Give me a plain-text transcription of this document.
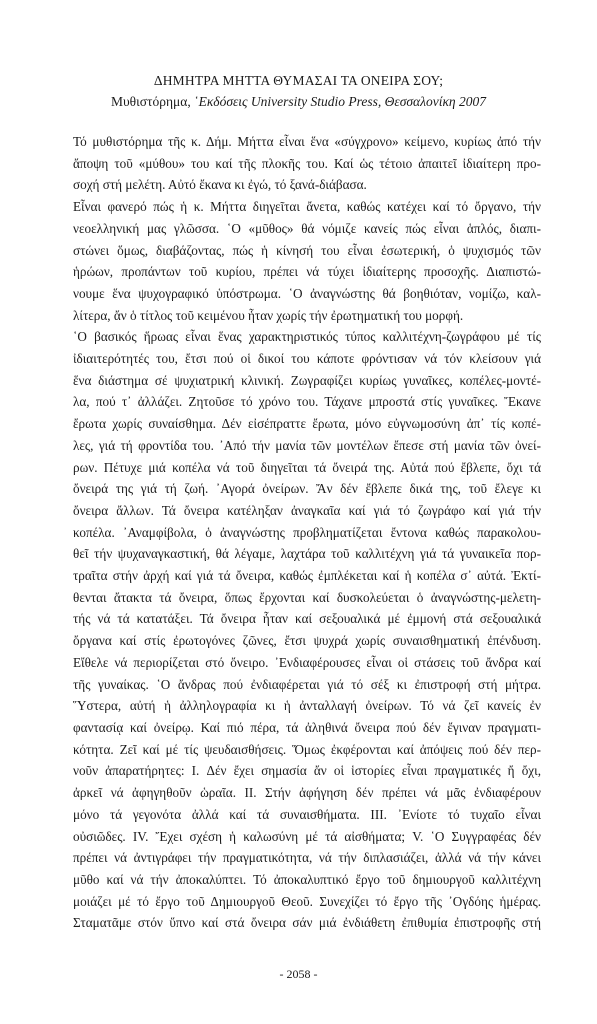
ΔΗΜΗΤΡΑ ΜΗΤΤΑ ΘΥΜΑΣΑΙ ΤΑ ΟΝΕΙΡΑ ΣΟΥ;
Μυθιστόρημα, ῾Εκδόσεις University Studio Press, Θεσσαλονίκη 2007
Τό μυθιστόρημα τῆς κ. Δήμ. Μήττα εἶναι ἕνα «σύγχρονο» κείμενο, κυρίως ἀπό τήν
ἄποψη τοῦ «μύθου» του καί τῆς πλοκῆς του. Καί ὡς τέτοιο ἀπαιτεῖ ἰδιαίτερη προ-
σοχή στή μελέτη. Αὐτό ἔκανα κι ἐγώ, τό ξανά-διάβασα.
Εἶναι φανερό πώς ἡ κ. Μήττα διηγεῖται ἄνετα, καθώς κατέχει καί τό ὄργανο, τήν
νεοελληνική μας γλῶσσα. ῾Ο «μῦθος» θά νόμιζε κανείς πώς εἶναι ἁπλός, διαπι-
στώνει ὅμως, διαβάζοντας, πώς ἡ κίνησή του εἶναι ἐσωτερική, ὁ ψυχισμός τῶν
ἡρώων, προπάντων τοῦ κυρίου, πρέπει νά τύχει ἰδιαίτερης προσοχῆς. Διαπιστώ-
νουμε ἕνα ψυχογραφικό ὑπόστρωμα. ῾Ο ἀναγνώστης θά βοηθιόταν, νομίζω, καλ-
λίτερα, ἄν ὁ τίτλος τοῦ κειμένου ἦταν χωρίς τήν ἐρωτηματική του μορφή.
῾Ο βασικός ἥρωας εἶναι ἕνας χαρακτηριστικός τύπος καλλιτέχνη-ζωγράφου μέ τίς
ἰδιαιτερότητές του, ἔτσι πού οἱ δικοί του κάποτε φρόντισαν νά τόν κλείσουν γιά
ἕνα διάστημα σέ ψυχιατρική κλινική. Ζωγραφίζει κυρίως γυναῖκες, κοπέλες-μοντέ-
λα, πού τ᾿ ἀλλάζει. Ζητοῦσε τό χρόνο του. Τάχανε μπροστά στίς γυναῖκες. Ἔκανε
ἔρωτα χωρίς συναίσθημα. Δέν εἰσέπραττε ἔρωτα, μόνο εὐγνωμοσύνη ἀπ᾿ τίς κοπέ-
λες, γιά τή φροντίδα του. ᾿Από τήν μανία τῶν μοντέλων ἔπεσε στή μανία τῶν ὀνεί-
ρων. Πέτυχε μιά κοπέλα νά τοῦ διηγεῖται τά ὄνειρά της. Αὐτά πού ἔβλεπε, ὄχι τά
ὄνειρά της γιά τή ζωή. ᾿Αγορά ὀνείρων. Ἄν δέν ἔβλεπε δικά της, τοῦ ἔλεγε κι
ὄνειρα ἄλλων. Τά ὄνειρα κατέληξαν ἀναγκαῖα καί γιά τό ζωγράφο καί γιά τήν
κοπέλα. ᾿Αναμφίβολα, ὁ ἀναγνώστης προβληματίζεται ἔντονα καθώς παρακολου-
θεῖ τήν ψυχαναγκαστική, θά λέγαμε, λαχτάρα τοῦ καλλιτέχνη γιά τά γυναικεῖα πορ-
τραῖτα στήν ἀρχή καί γιά τά ὄνειρα, καθώς ἐμπλέκεται καί ἡ κοπέλα σ᾿ αὐτά. Ἐκτί-
θενται ἄτακτα τά ὄνειρα, ὅπως ἔρχονται καί δυσκολεύεται ὁ ἀναγνώστης-μελετη-
τής νά τά κατατάξει. Τά ὄνειρα ἦταν καί σεξουαλικά μέ ἐμμονή στά σεξουαλικά
ὄργανα καί στίς ἐρωτογόνες ζῶνες, ἔτσι ψυχρά χωρίς συναισθηματική ἐπένδυση.
Εἴθελε νά περιορίζεται στό ὄνειρο. ᾿Ενδιαφέρουσες εἶναι οἱ στάσεις τοῦ ἄνδρα καί
τῆς γυναίκας. ῾Ο ἄνδρας πού ἐνδιαφέρεται γιά τό σέξ κι ἐπιστροφή στή μήτρα.
Ὕστερα, αὐτή ἡ ἀλληλογραφία κι ἡ ἀνταλλαγή ὀνείρων. Τό νά ζεῖ κανείς ἐν
φαντασίᾳ καί ὀνείρῳ. Καί πιό πέρα, τά ἀληθινά ὄνειρα πού δέν ἔγιναν πραγματι-
κότητα. Ζεῖ καί μέ τίς ψευδαισθήσεις. Ὅμως ἐκφέρονται καί ἀπόψεις πού δέν περ-
νοῦν ἀπαρατήρητες: I. Δέν ἔχει σημασία ἄν οἱ ἱστορίες εἶναι πραγματικές ἤ ὄχι,
ἀρκεῖ νά ἀφηγηθοῦν ὡραῖα. II. Στήν ἀφήγηση δέν πρέπει νά μᾶς ἐνδιαφέρουν
μόνο τά γεγονότα ἀλλά καί τά συναισθήματα. III. ᾿Ενίοτε τό τυχαῖο εἶναι
οὐσιῶδες. IV. Ἔχει σχέση ἡ καλωσύνη μέ τά αἰσθήματα; V. ῾Ο Συγγραφέας δέν
πρέπει νά ἀντιγράφει τήν πραγματικότητα, νά τήν διπλασιάζει, ἀλλά νά τήν κάνει
μῦθο καί νά τήν ἀποκαλύπτει. Τό ἀποκαλυπτικό ἔργο τοῦ δημιουργοῦ καλλιτέχνη
μοιάζει μέ τό ἔργο τοῦ Δημιουργοῦ Θεοῦ. Συνεχίζει τό ἔργο τῆς ᾿Ογδόης ἡμέρας.
Σταματᾶμε στόν ὕπνο καί στά ὄνειρα σάν μιά ἐνδιάθετη ἐπιθυμία ἐπιστροφῆς στή
- 2058 -
